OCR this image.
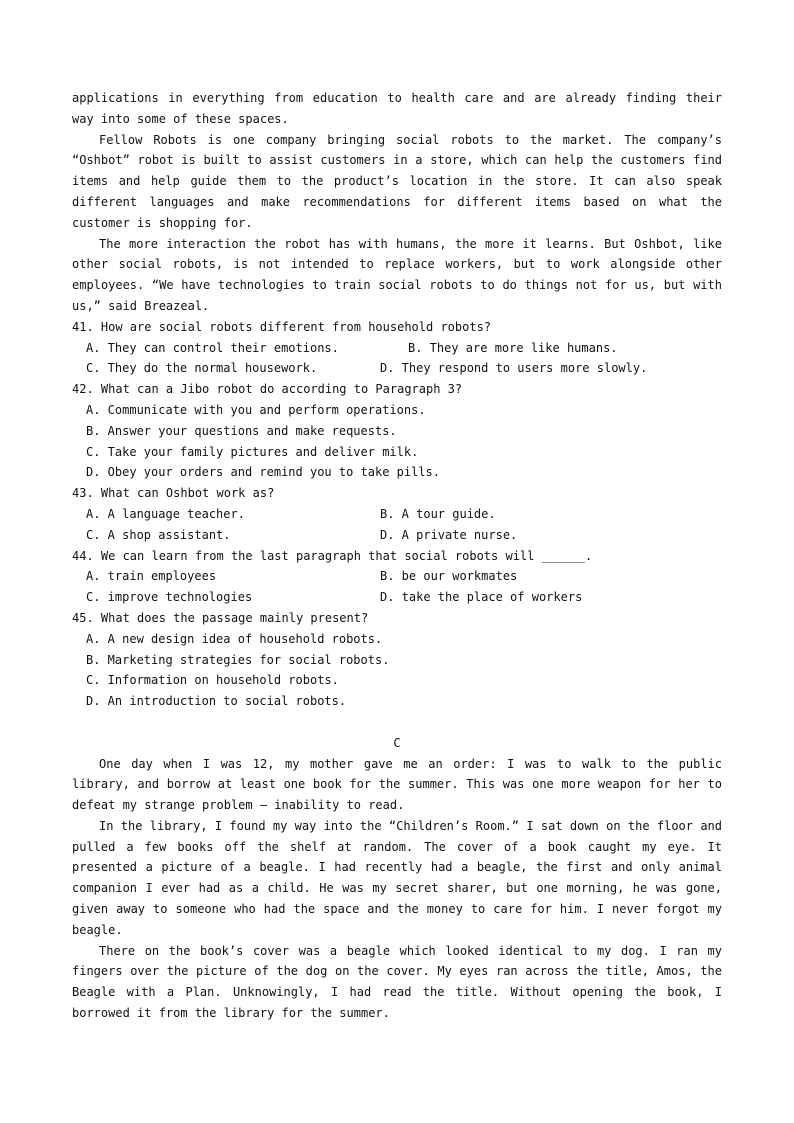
applications in everything from education to health care and are already finding their way into some of these spaces.

Fellow Robots is one company bringing social robots to the market. The company’s “Oshbot” robot is built to assist customers in a store, which can help the customers find items and help guide them to the product’s location in the store. It can also speak different languages and make recommendations for different items based on what the customer is shopping for.

The more interaction the robot has with humans, the more it learns. But Oshbot, like other social robots, is not intended to replace workers, but to work alongside other employees. “We have technologies to train social robots to do things not for us, but with us,” said Breazeal.

41. How are social robots different from household robots?

A. They can control their emotions.	B. They are more like humans.
C. They do the normal housework.	D. They respond to users more slowly.

42. What can a Jibo robot do according to Paragraph 3?

A. Communicate with you and perform operations.

B. Answer your questions and make requests.

C. Take your family pictures and deliver milk.

D. Obey your orders and remind you to take pills.

43. What can Oshbot work as?

A. A language teacher.	B. A tour guide.
C. A shop assistant.	D. A private nurse.

44. We can learn from the last paragraph that social robots will ______.

A. train employees	B. be our workmates
C. improve technologies	D. take the place of workers

45. What does the passage mainly present?

A. A new design idea of household robots.

B. Marketing strategies for social robots.

C. Information on household robots.

D. An introduction to social robots.

C

One day when I was 12, my mother gave me an order: I was to walk to the public library, and borrow at least one book for the summer. This was one more weapon for her to defeat my strange problem — inability to read.

In the library, I found my way into the “Children’s Room.” I sat down on the floor and pulled a few books off the shelf at random. The cover of a book caught my eye. It presented a picture of a beagle. I had recently had a beagle, the first and only animal companion I ever had as a child. He was my secret sharer, but one morning, he was gone, given away to someone who had the space and the money to care for him. I never forgot my beagle.

There on the book’s cover was a beagle which looked identical to my dog. I ran my fingers over the picture of the dog on the cover. My eyes ran across the title, Amos, the Beagle with a Plan. Unknowingly, I had read the title. Without opening the book, I borrowed it from the library for the summer.
